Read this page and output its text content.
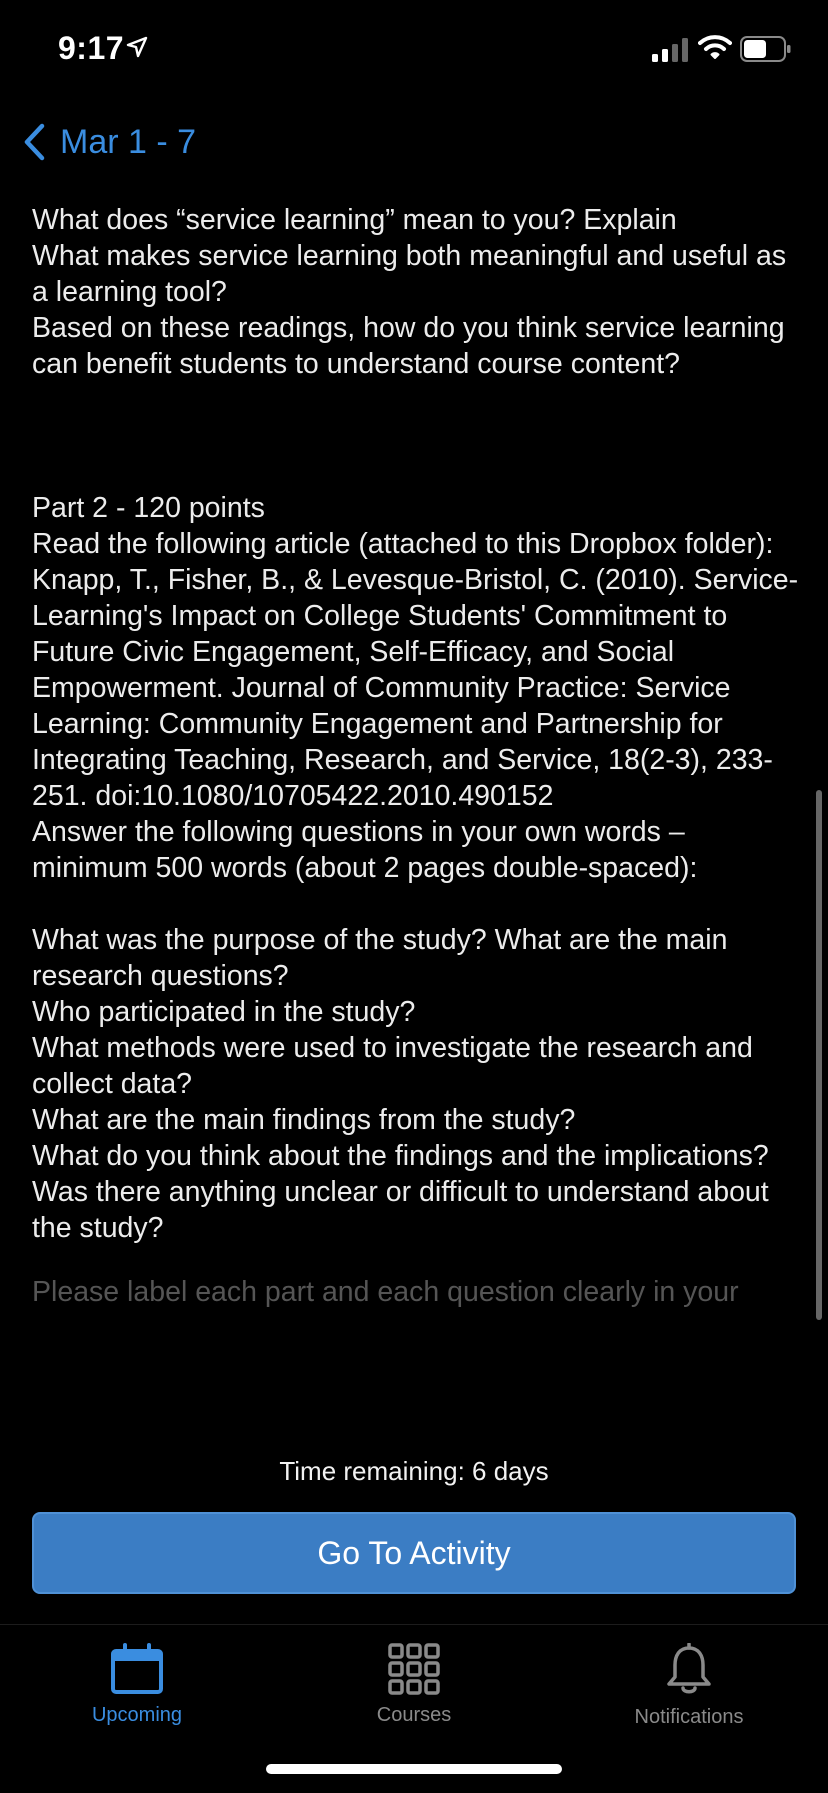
9:17
Mar 1 - 7

What does “service learning” mean to you? Explain

What makes service learning both meaningful and useful as a learning tool?

Based on these readings, how do you think service learning can benefit students to understand course content?

Part 2 - 120 points

Read the following article (attached to this Dropbox folder):

Knapp, T., Fisher, B., & Levesque-Bristol, C. (2010). Service-Learning's Impact on College Students' Commitment to Future Civic Engagement, Self-Efficacy, and Social Empowerment. Journal of Community Practice: Service Learning: Community Engagement and Partnership for Integrating Teaching, Research, and Service, 18(2-3), 233-251. doi:10.1080/10705422.2010.490152

Answer the following questions in your own words – minimum 500 words (about 2 pages double-spaced):

What was the purpose of the study? What are the main research questions?

Who participated in the study?

What methods were used to investigate the research and collect data?

What are the main findings from the study?

What do you think about the findings and the implications?

Was there anything unclear or difficult to understand about the study?

Please label each part and each question clearly in your

Time remaining: 6 days
Go To Activity
Upcoming	Courses	Notifications
